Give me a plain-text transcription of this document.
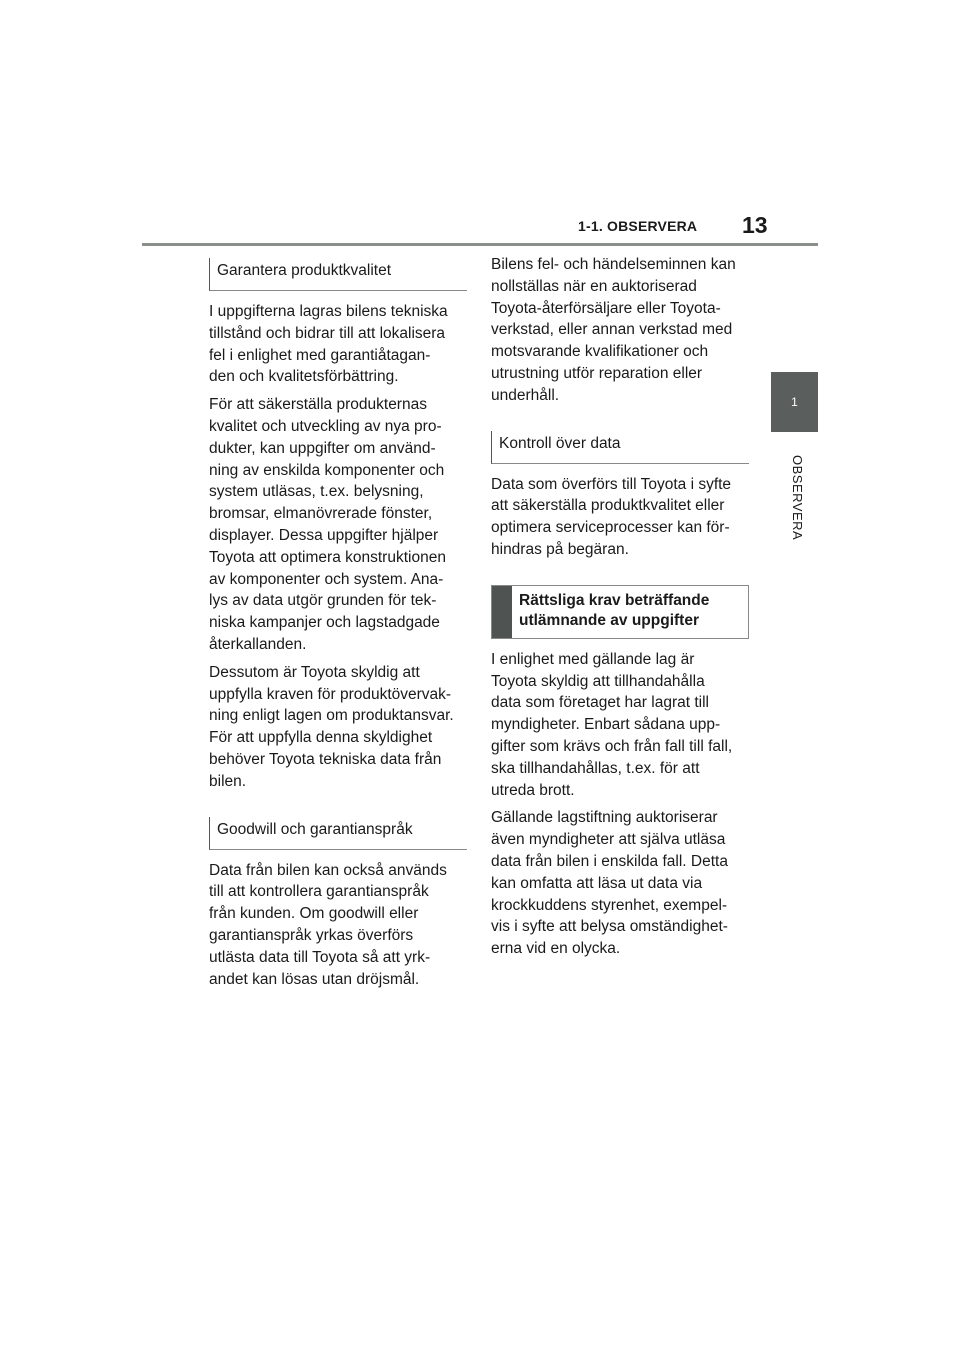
1-1. OBSERVERA 13
1
OBSERVERA
Garantera produktkvalitet

I uppgifterna lagras bilens tekniska
tillstånd och bidrar till att lokalisera
fel i enlighet med garantiåtagan-
den och kvalitetsförbättring.

För att säkerställa produkternas
kvalitet och utveckling av nya pro-
dukter, kan uppgifter om använd-
ning av enskilda komponenter och
system utläsas, t.ex. belysning,
bromsar, elmanövrerade fönster,
displayer. Dessa uppgifter hjälper
Toyota att optimera konstruktionen
av komponenter och system. Ana-
lys av data utgör grunden för tek-
niska kampanjer och lagstadgade
återkallanden.

Dessutom är Toyota skyldig att
uppfylla kraven för produktövervak-
ning enligt lagen om produktansvar.
För att uppfylla denna skyldighet
behöver Toyota tekniska data från
bilen.

Goodwill och garantianspråk

Data från bilen kan också används
till att kontrollera garantianspråk
från kunden. Om goodwill eller
garantianspråk yrkas överförs
utlästa data till Toyota så att yrk-
andet kan lösas utan dröjsmål.

Bilens fel- och händelseminnen kan
nollställas när en auktoriserad
Toyota-återförsäljare eller Toyota-
verkstad, eller annan verkstad med
motsvarande kvalifikationer och
utrustning utför reparation eller
underhåll.

Kontroll över data

Data som överförs till Toyota i syfte
att säkerställa produktkvalitet eller
optimera serviceprocesser kan för-
hindras på begäran.

Rättsliga krav beträffande
utlämnande av uppgifter

I enlighet med gällande lag är
Toyota skyldig att tillhandahålla
data som företaget har lagrat till
myndigheter. Enbart sådana upp-
gifter som krävs och från fall till fall,
ska tillhandahållas, t.ex. för att
utreda brott.

Gällande lagstiftning auktoriserar
även myndigheter att själva utläsa
data från bilen i enskilda fall. Detta
kan omfatta att läsa ut data via
krockkuddens styrenhet, exempel-
vis i syfte att belysa omständighet-
erna vid en olycka.
